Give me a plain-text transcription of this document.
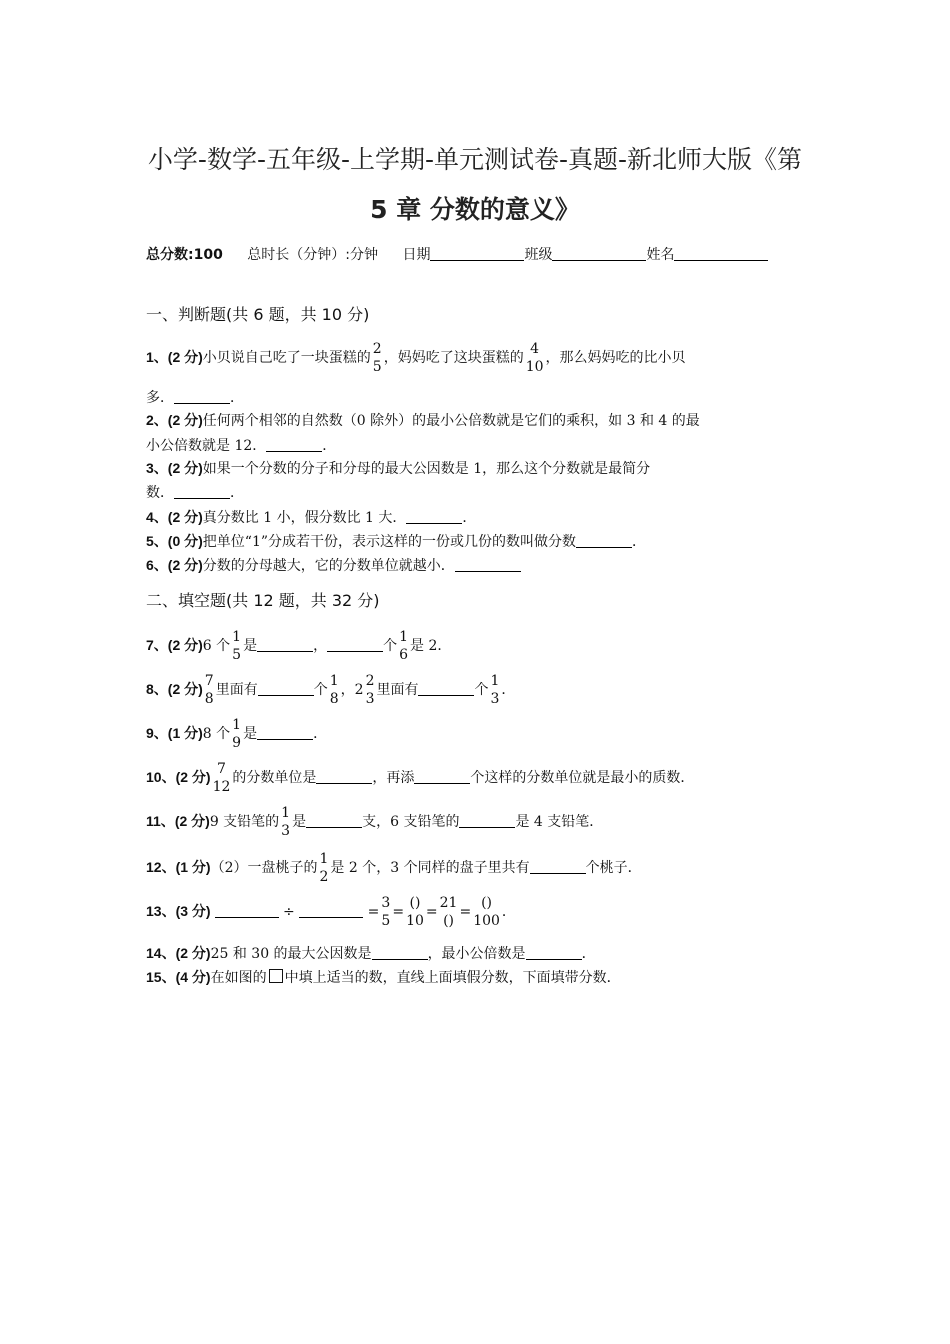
小学-数学-五年级-上学期-单元测试卷-真题-新北师大版《第
5 章 分数的意义》
总分数:100 总时长（分钟）:分钟 日期	班级	姓名
一、判断题(共 6 题，共 10 分)
1、(2 分)小贝说自己吃了一块蛋糕的
2
5
，妈妈吃了这块蛋糕的
4
10
，那么妈妈吃的比小贝
多．	．
2、(2 分)任何两个相邻的自然数（0 除外）的最小公倍数就是它们的乘积，如 3 和 4 的最
小公倍数就是 12．	．
3、(2 分)如果一个分数的分子和分母的最大公因数是 1，那么这个分数就是最简分
数．	．
4、(2 分)真分数比 1 小，假分数比 1 大．	．
5、(0 分)把单位“1”分成若干份，表示这样的一份或几份的数叫做分数	．
6、(2 分)分数的分母越大，它的分数单位就越小．
二、填空题(共 12 题，共 32 分)
7、(2 分)6 个
1
5
是	，	个
1
6
是 2．
8、(2 分) 7
8
里面有	个
1
8
，2
2
3
里面有	个
1
3
．
9、(1 分)8 个
1
9
是	．
10、(2 分) 7
12
的分数单位是	，再添	个这样的分数单位就是最小的质数．
11、(2 分)9 支铅笔的
1
3
是	支，6 支铅笔的	是 4 支铅笔．
12、(1 分)（2）一盘桃子的
1
2
是 2 个，3 个同样的盘子里共有	个桃子．
13、(3 分)	÷	=
3
5
=
()
10
=
21
()
=
()
100
．
14、(2 分)25 和 30 的最大公因数是	，最小公倍数是	．
15、(4 分)在如图的 中填上适当的数，直线上面填假分数，下面填带分数．
